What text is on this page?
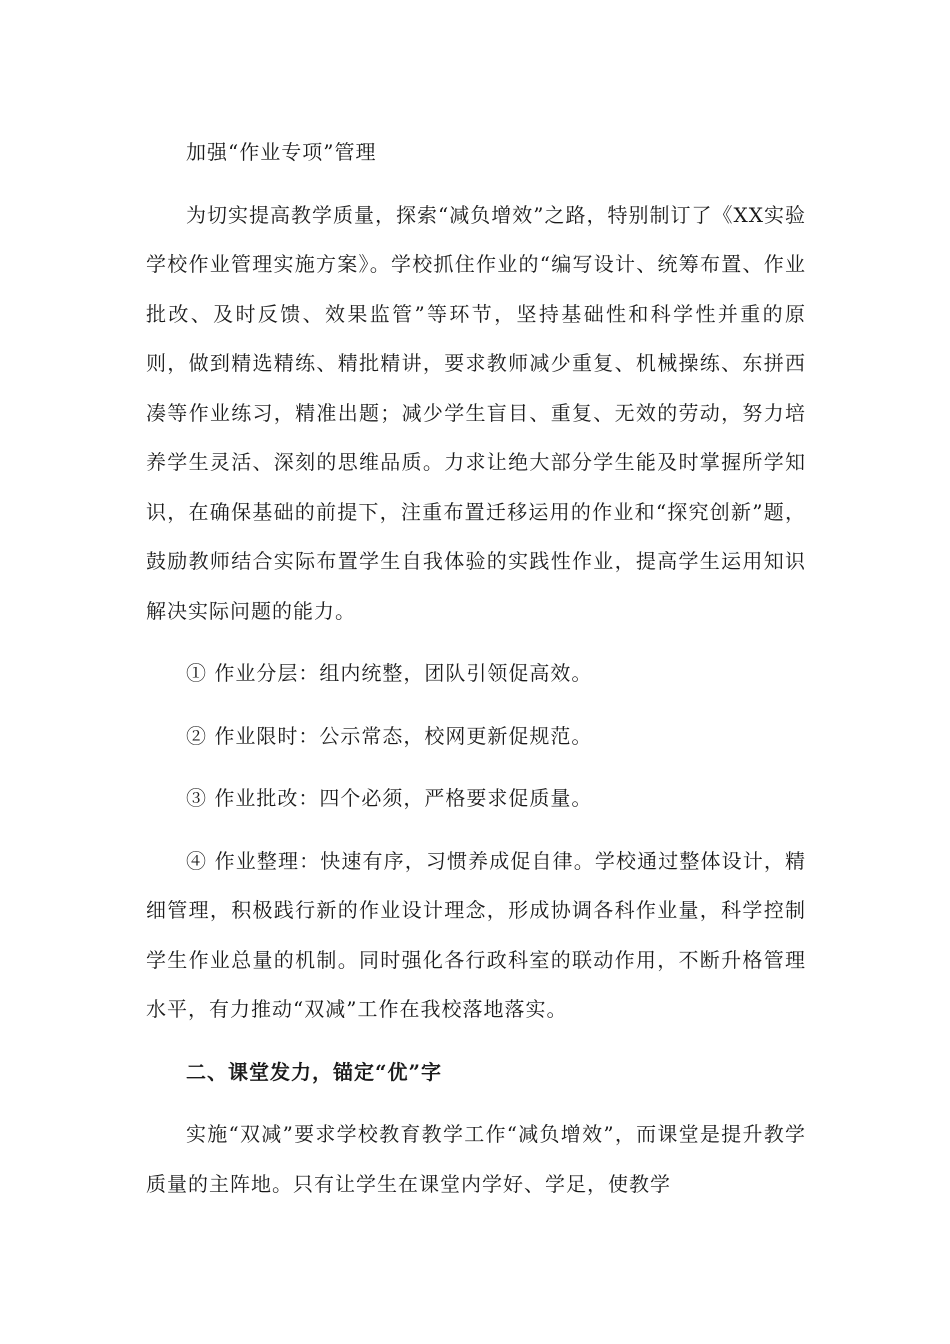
加强“作业专项”管理

为切实提高教学质量，探索“减负增效”之路，特别制订了《XX实验学校作业管理实施方案》。学校抓住作业的“编写设计、统筹布置、作业批改、及时反馈、效果监管”等环节，坚持基础性和科学性并重的原则，做到精选精练、精批精讲，要求教师减少重复、机械操练、东拼西凑等作业练习，精准出题；减少学生盲目、重复、无效的劳动，努力培养学生灵活、深刻的思维品质。力求让绝大部分学生能及时掌握所学知识，在确保基础的前提下，注重布置迁移运用的作业和“探究创新”题，鼓励教师结合实际布置学生自我体验的实践性作业，提高学生运用知识解决实际问题的能力。

① 作业分层：组内统整，团队引领促高效。

② 作业限时：公示常态，校网更新促规范。

③ 作业批改：四个必须，严格要求促质量。

④ 作业整理：快速有序，习惯养成促自律。学校通过整体设计，精细管理，积极践行新的作业设计理念，形成协调各科作业量，科学控制学生作业总量的机制。同时强化各行政科室的联动作用，不断升格管理水平，有力推动“双减”工作在我校落地落实。

二、课堂发力，锚定“优”字

实施“双减”要求学校教育教学工作“减负增效”，而课堂是提升教学质量的主阵地。只有让学生在课堂内学好、学足，使教学
